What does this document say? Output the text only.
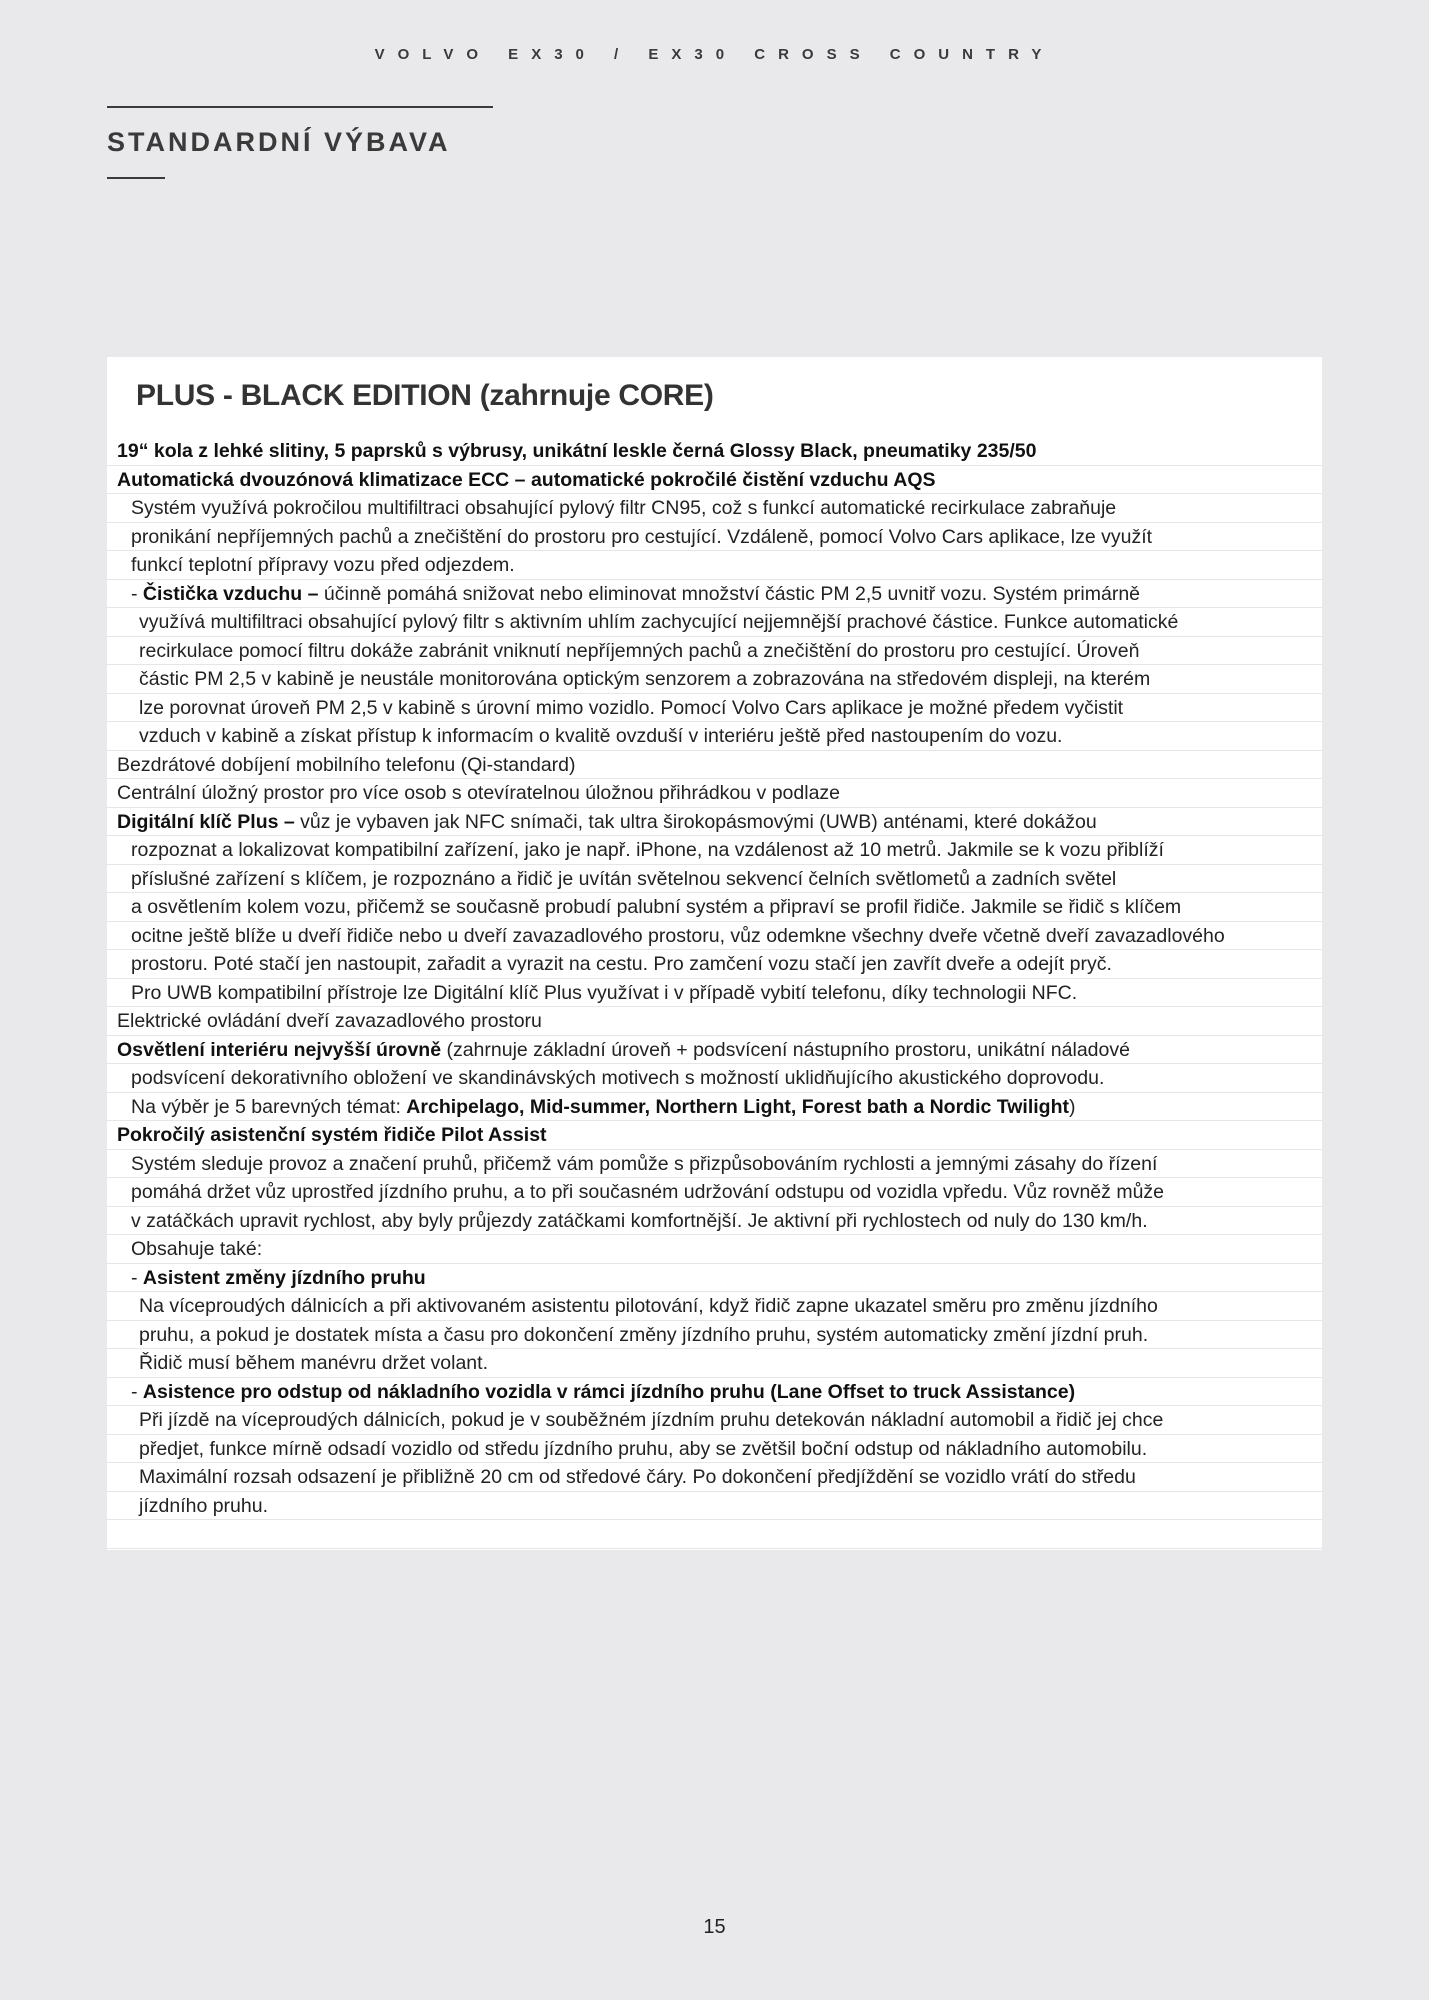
VOLVO EX30 / EX30 CROSS COUNTRY
STANDARDNÍ VÝBAVA
PLUS - BLACK EDITION (zahrnuje CORE)
19“ kola z lehké slitiny, 5 paprsků s výbrusy, unikátní leskle černá Glossy Black, pneumatiky 235/50
Automatická dvouzónová klimatizace ECC – automatické pokročilé čistění vzduchu AQS
Systém využívá pokročilou multifiltraci obsahující pylový filtr CN95, což s funkcí automatické recirkulace zabraňuje
pronikání nepříjemných pachů a znečištění do prostoru pro cestující. Vzdáleně, pomocí Volvo Cars aplikace, lze využít
funkcí teplotní přípravy vozu před odjezdem.
- Čistička vzduchu – účinně pomáhá snižovat nebo eliminovat množství částic PM 2,5 uvnitř vozu. Systém primárně
využívá multifiltraci obsahující pylový filtr s aktivním uhlím zachycující nejjemnější prachové částice. Funkce automatické
recirkulace pomocí filtru dokáže zabránit vniknutí nepříjemných pachů a znečištění do prostoru pro cestující. Úroveň
částic PM 2,5 v kabině je neustále monitorována optickým senzorem a zobrazována na středovém displeji, na kterém
lze porovnat úroveň PM 2,5 v kabině s úrovní mimo vozidlo. Pomocí Volvo Cars aplikace je možné předem vyčistit
vzduch v kabině a získat přístup k informacím o kvalitě ovzduší v interiéru ještě před nastoupením do vozu.
Bezdrátové dobíjení mobilního telefonu (Qi-standard)
Centrální úložný prostor pro více osob s otevíratelnou úložnou přihrádkou v podlaze
Digitální klíč Plus – vůz je vybaven jak NFC snímači, tak ultra širokopásmovými (UWB) anténami, které dokážou
rozpoznat a lokalizovat kompatibilní zařízení, jako je např. iPhone, na vzdálenost až 10 metrů. Jakmile se k vozu přiblíží
příslušné zařízení s klíčem, je rozpoznáno a řidič je uvítán světelnou sekvencí čelních světlometů a zadních světel
a osvětlením kolem vozu, přičemž se současně probudí palubní systém a připraví se profil řidiče. Jakmile se řidič s klíčem
ocitne ještě blíže u dveří řidiče nebo u dveří zavazadlového prostoru, vůz odemkne všechny dveře včetně dveří zavazadlového
prostoru. Poté stačí jen nastoupit, zařadit a vyrazit na cestu. Pro zamčení vozu stačí jen zavřít dveře a odejít pryč.
Pro UWB kompatibilní přístroje lze Digitální klíč Plus využívat i v případě vybití telefonu, díky technologii NFC.
Elektrické ovládání dveří zavazadlového prostoru
Osvětlení interiéru nejvyšší úrovně (zahrnuje základní úroveň + podsvícení nástupního prostoru, unikátní náladové
podsvícení dekorativního obložení ve skandinávských motivech s možností uklidňujícího akustického doprovodu.
Na výběr je 5 barevných témat: Archipelago, Mid-summer, Northern Light, Forest bath a Nordic Twilight)
Pokročilý asistenční systém řidiče Pilot Assist
Systém sleduje provoz a značení pruhů, přičemž vám pomůže s přizpůsobováním rychlosti a jemnými zásahy do řízení
pomáhá držet vůz uprostřed jízdního pruhu, a to při současném udržování odstupu od vozidla vpředu. Vůz rovněž může
v zatáčkách upravit rychlost, aby byly průjezdy zatáčkami komfortnější. Je aktivní při rychlostech od nuly do 130 km/h.
Obsahuje také:
- Asistent změny jízdního pruhu
Na víceproudých dálnicích a při aktivovaném asistentu pilotování, když řidič zapne ukazatel směru pro změnu jízdního
pruhu, a pokud je dostatek místa a času pro dokončení změny jízdního pruhu, systém automaticky změní jízdní pruh.
Řidič musí během manévru držet volant.
- Asistence pro odstup od nákladního vozidla v rámci jízdního pruhu (Lane Offset to truck Assistance)
Při jízdě na víceproudých dálnicích, pokud je v souběžném jízdním pruhu detekován nákladní automobil a řidič jej chce
předjet, funkce mírně odsadí vozidlo od středu jízdního pruhu, aby se zvětšil boční odstup od nákladního automobilu.
Maximální rozsah odsazení je přibližně 20 cm od středové čáry. Po dokončení předjíždění se vozidlo vrátí do středu
jízdního pruhu.
15
